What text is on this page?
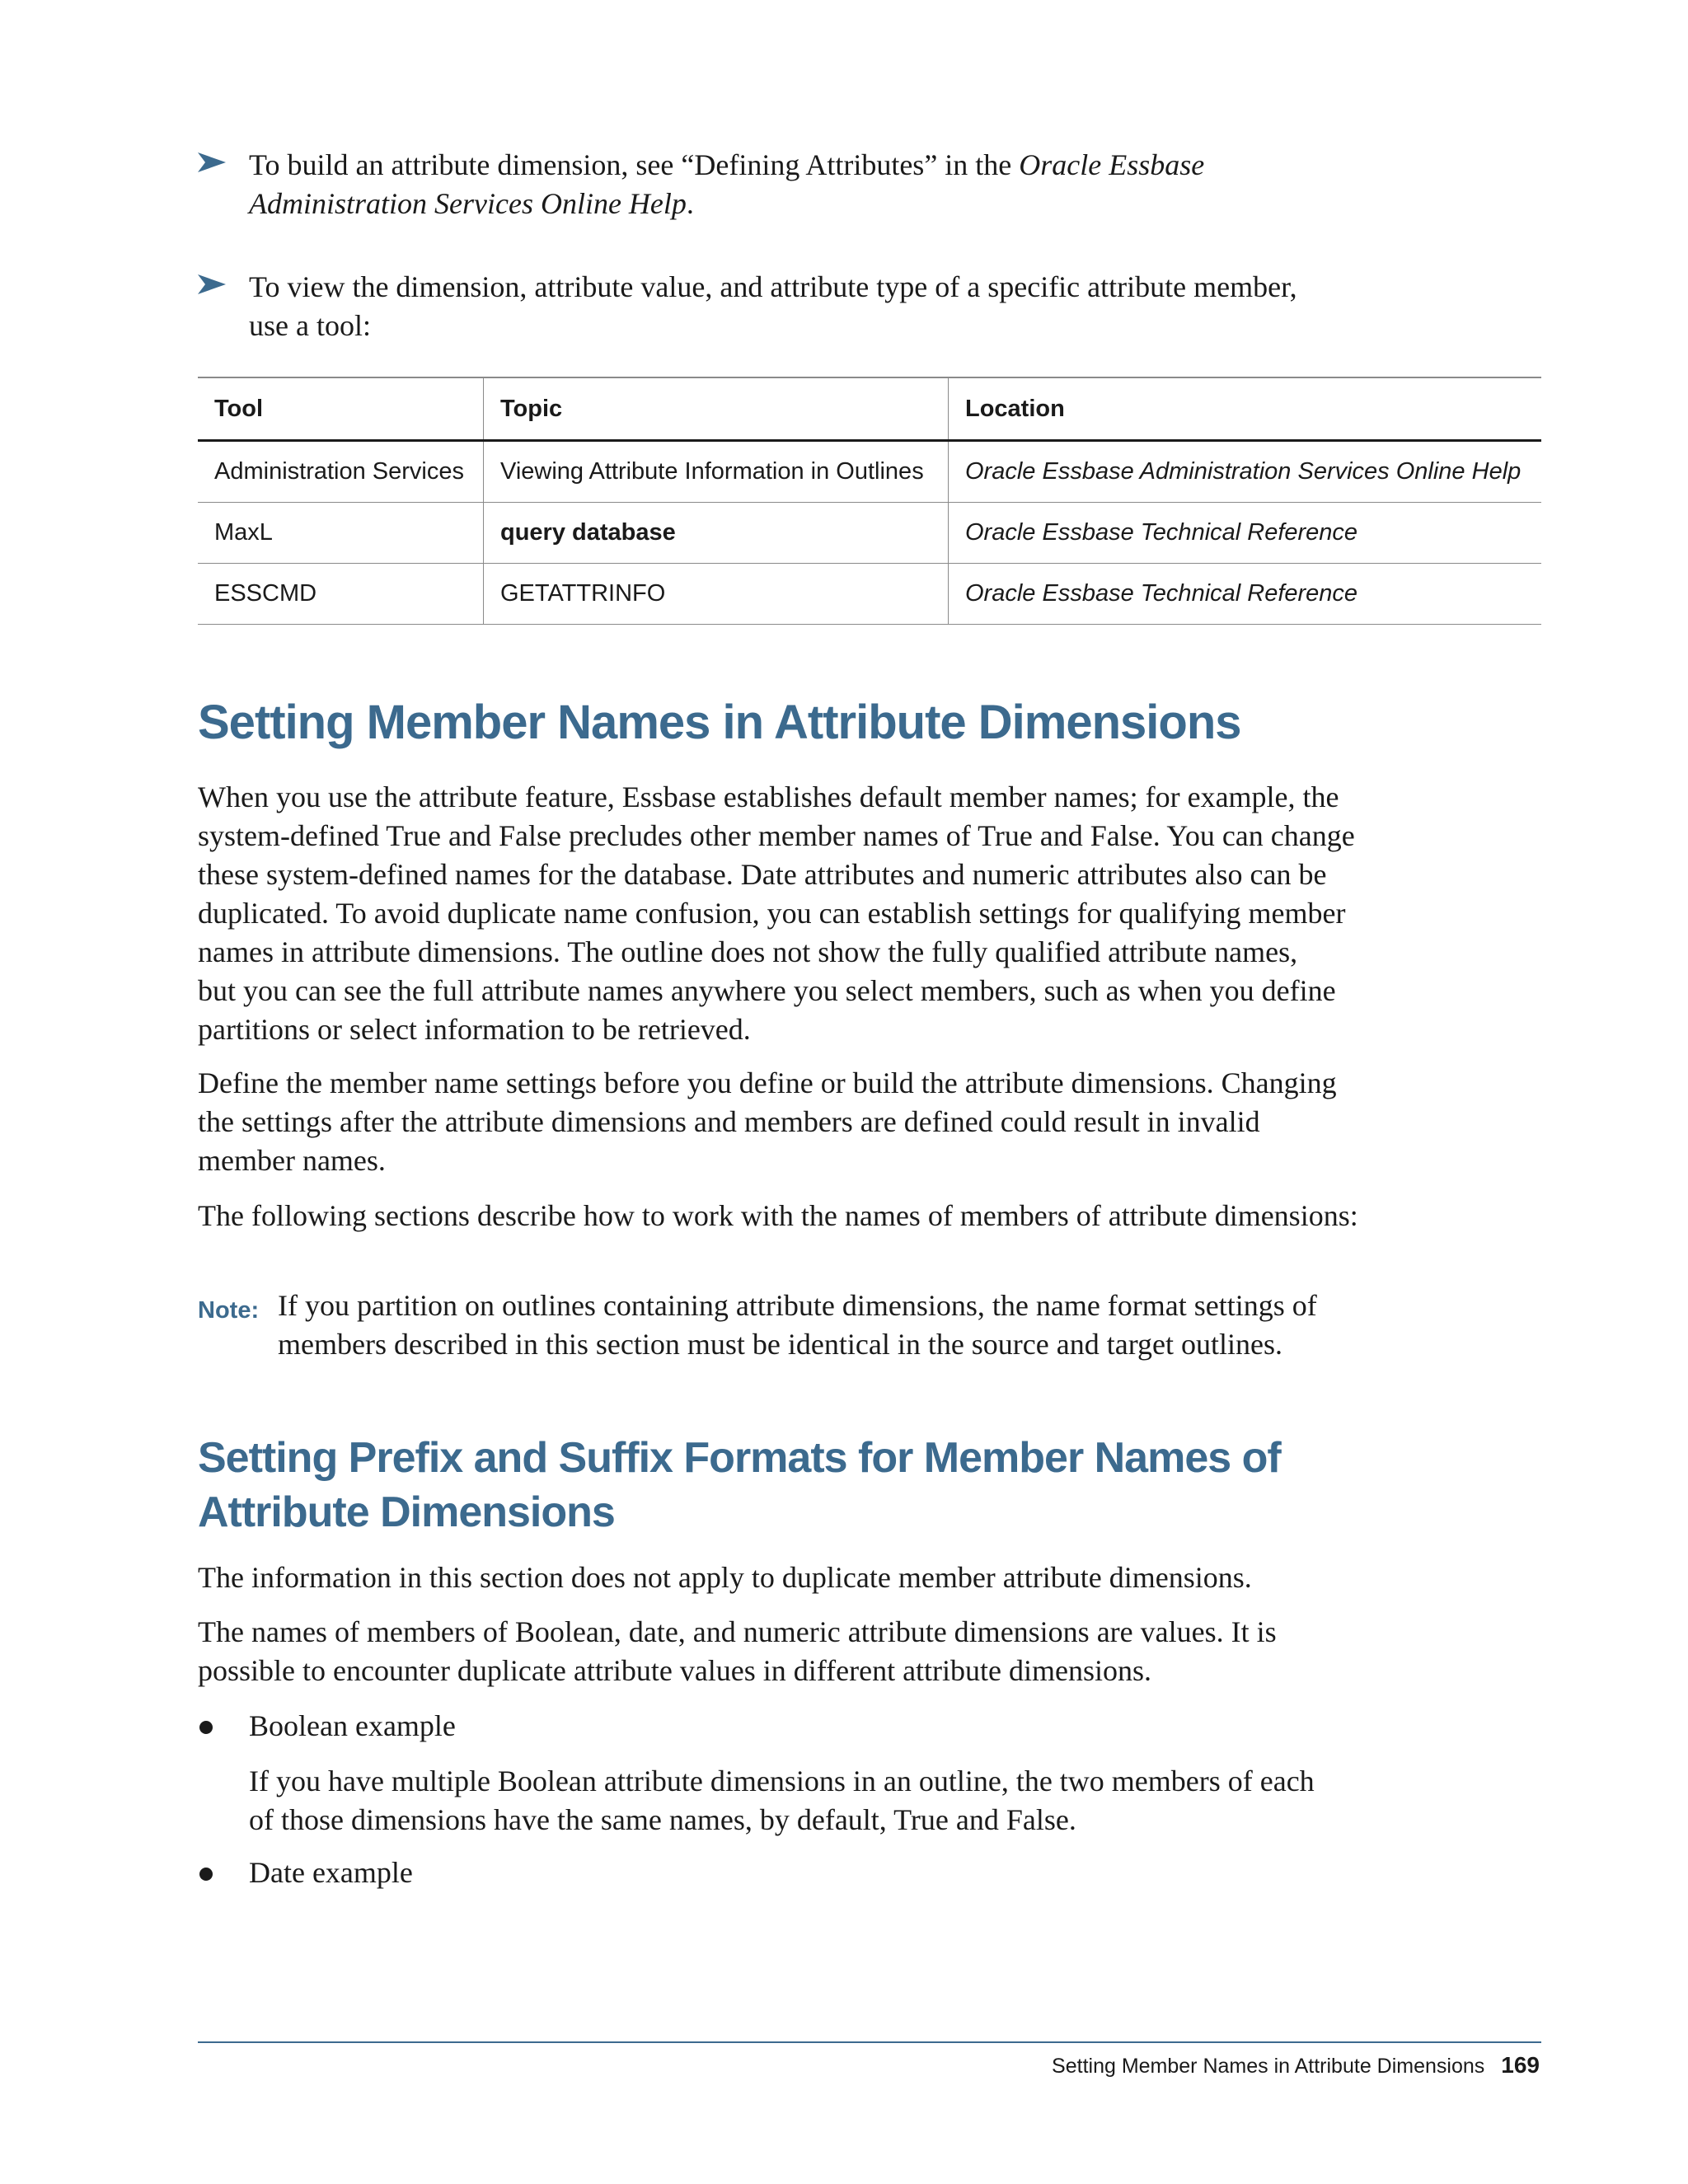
To build an attribute dimension, see “Defining Attributes” in the Oracle Essbase
Administration Services Online Help.
To view the dimension, attribute value, and attribute type of a specific attribute member,
use a tool:
Tool	Topic	Location
Administration Services	Viewing Attribute Information in Outlines	Oracle Essbase Administration Services Online Help
MaxL	query database	Oracle Essbase Technical Reference
ESSCMD	GETATTRINFO	Oracle Essbase Technical Reference
Setting Member Names in Attribute Dimensions
When you use the attribute feature, Essbase establishes default member names; for example, the
system-defined True and False precludes other member names of True and False. You can change
these system-defined names for the database. Date attributes and numeric attributes also can be
duplicated. To avoid duplicate name confusion, you can establish settings for qualifying member
names in attribute dimensions. The outline does not show the fully qualified attribute names,
but you can see the full attribute names anywhere you select members, such as when you define
partitions or select information to be retrieved.
Define the member name settings before you define or build the attribute dimensions. Changing
the settings after the attribute dimensions and members are defined could result in invalid
member names.
The following sections describe how to work with the names of members of attribute dimensions:
Note: If you partition on outlines containing attribute dimensions, the name format settings of
members described in this section must be identical in the source and target outlines.
Setting Prefix and Suffix Formats for Member Names of
Attribute Dimensions
The information in this section does not apply to duplicate member attribute dimensions.
The names of members of Boolean, date, and numeric attribute dimensions are values. It is
possible to encounter duplicate attribute values in different attribute dimensions.
Boolean example
If you have multiple Boolean attribute dimensions in an outline, the two members of each
of those dimensions have the same names, by default, True and False.
Date example
Setting Member Names in Attribute Dimensions 169
